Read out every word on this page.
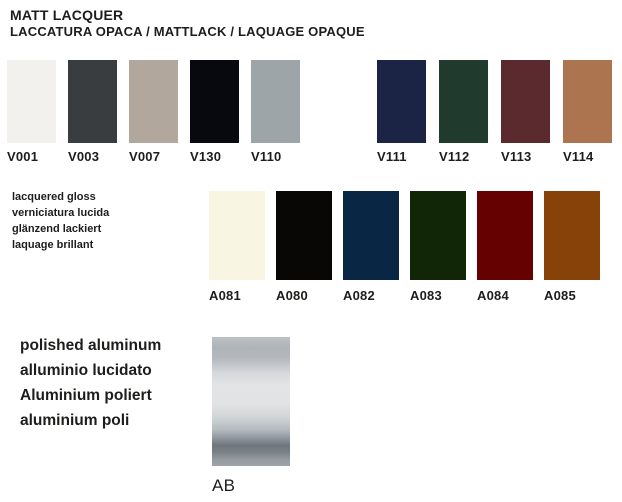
MATT LACQUER
LACCATURA OPACA / MATTLACK / LAQUAGE OPAQUE
V001	V003	V007	V130	V110	V111	V112	V113	V114
lacquered gloss
verniciatura lucida
glänzend lackiert
laquage brillant
A081	A080	A082	A083	A084	A085
polished aluminum
alluminio lucidato
Aluminium poliert
aluminium poli
AB
